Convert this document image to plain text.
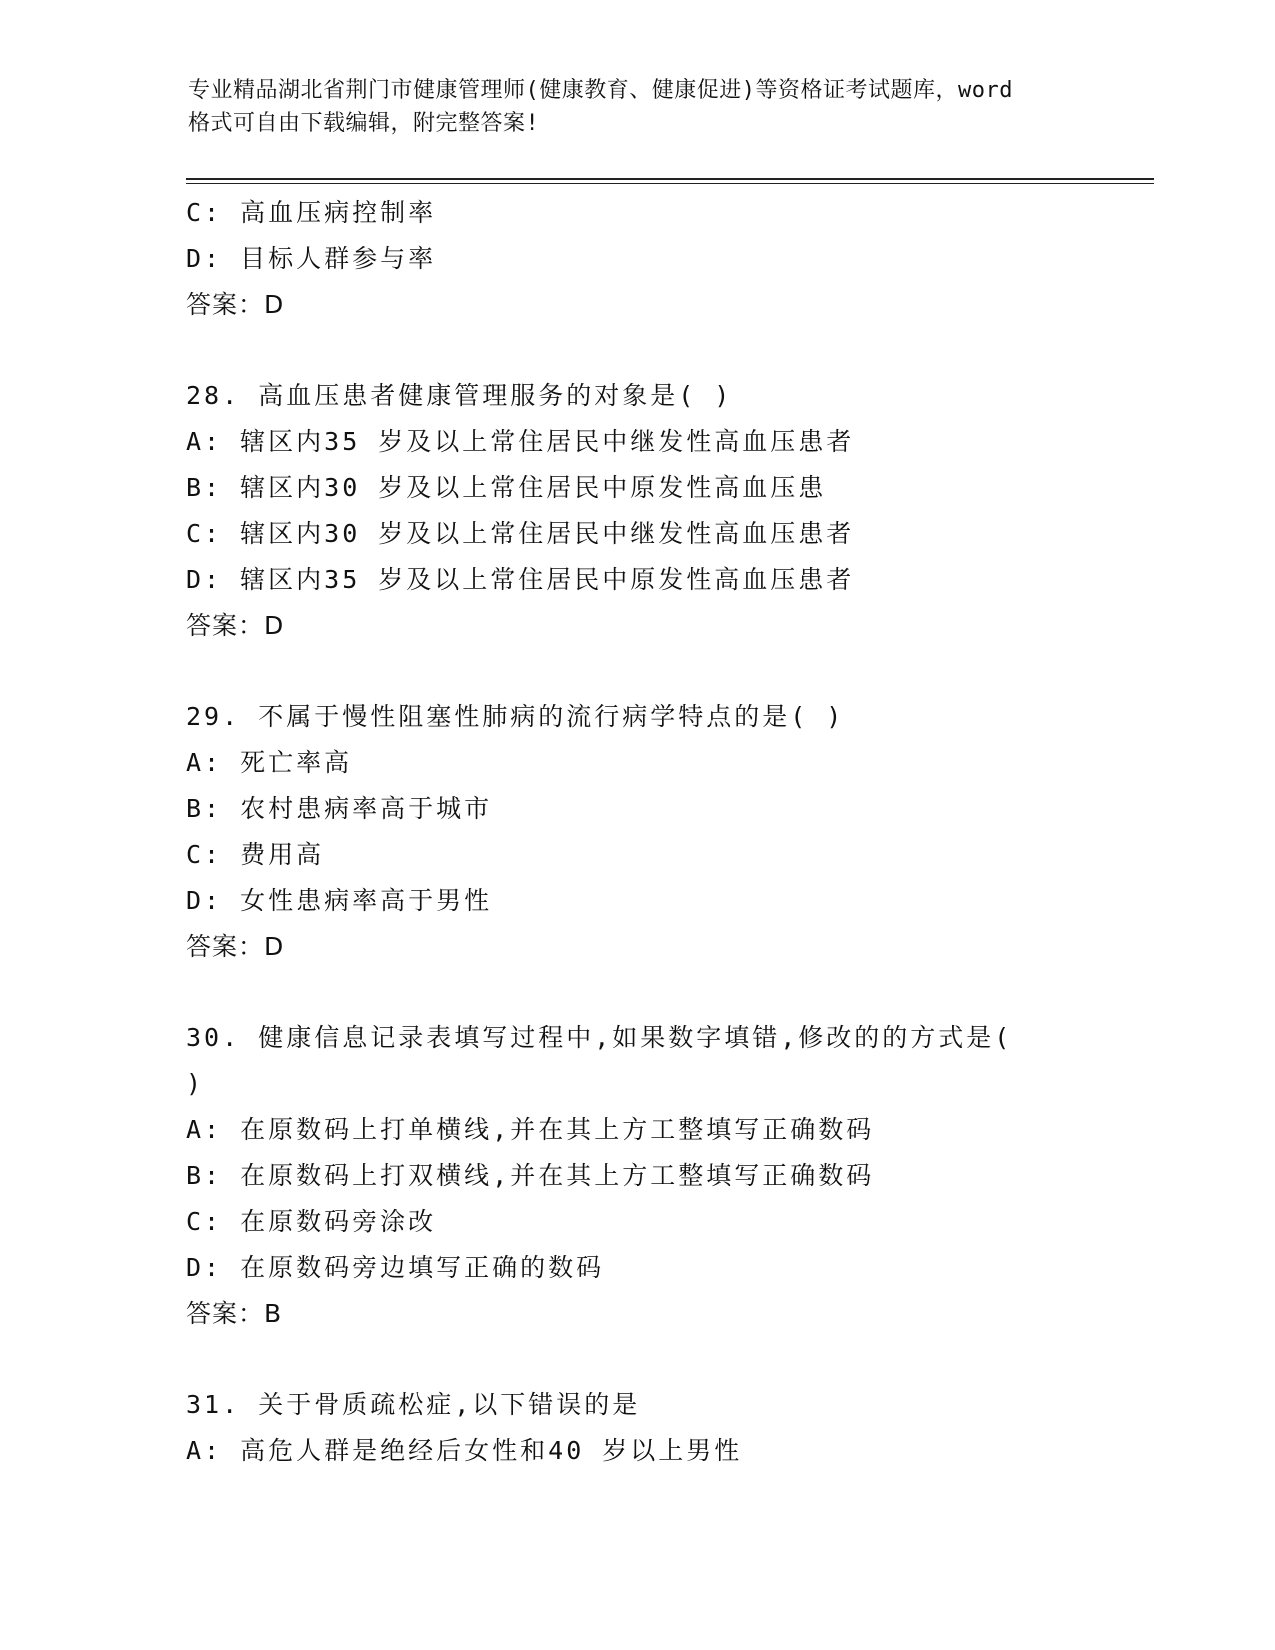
专业精品湖北省荆门市健康管理师(健康教育、健康促进)等资格证考试题库，word
格式可自由下载编辑，附完整答案!
C: 高血压病控制率
D: 目标人群参与率
答案：D
28. 高血压患者健康管理服务的对象是( )
A: 辖区内35 岁及以上常住居民中继发性高血压患者
B: 辖区内30 岁及以上常住居民中原发性高血压患
C: 辖区内30 岁及以上常住居民中继发性高血压患者
D: 辖区内35 岁及以上常住居民中原发性高血压患者
答案：D
29. 不属于慢性阻塞性肺病的流行病学特点的是( )
A: 死亡率高
B: 农村患病率高于城市
C: 费用高
D: 女性患病率高于男性
答案：D
30. 健康信息记录表填写过程中,如果数字填错,修改的的方式是(
)
A: 在原数码上打单横线,并在其上方工整填写正确数码
B: 在原数码上打双横线,并在其上方工整填写正确数码
C: 在原数码旁涂改
D: 在原数码旁边填写正确的数码
答案：B
31. 关于骨质疏松症,以下错误的是
A: 高危人群是绝经后女性和40 岁以上男性
